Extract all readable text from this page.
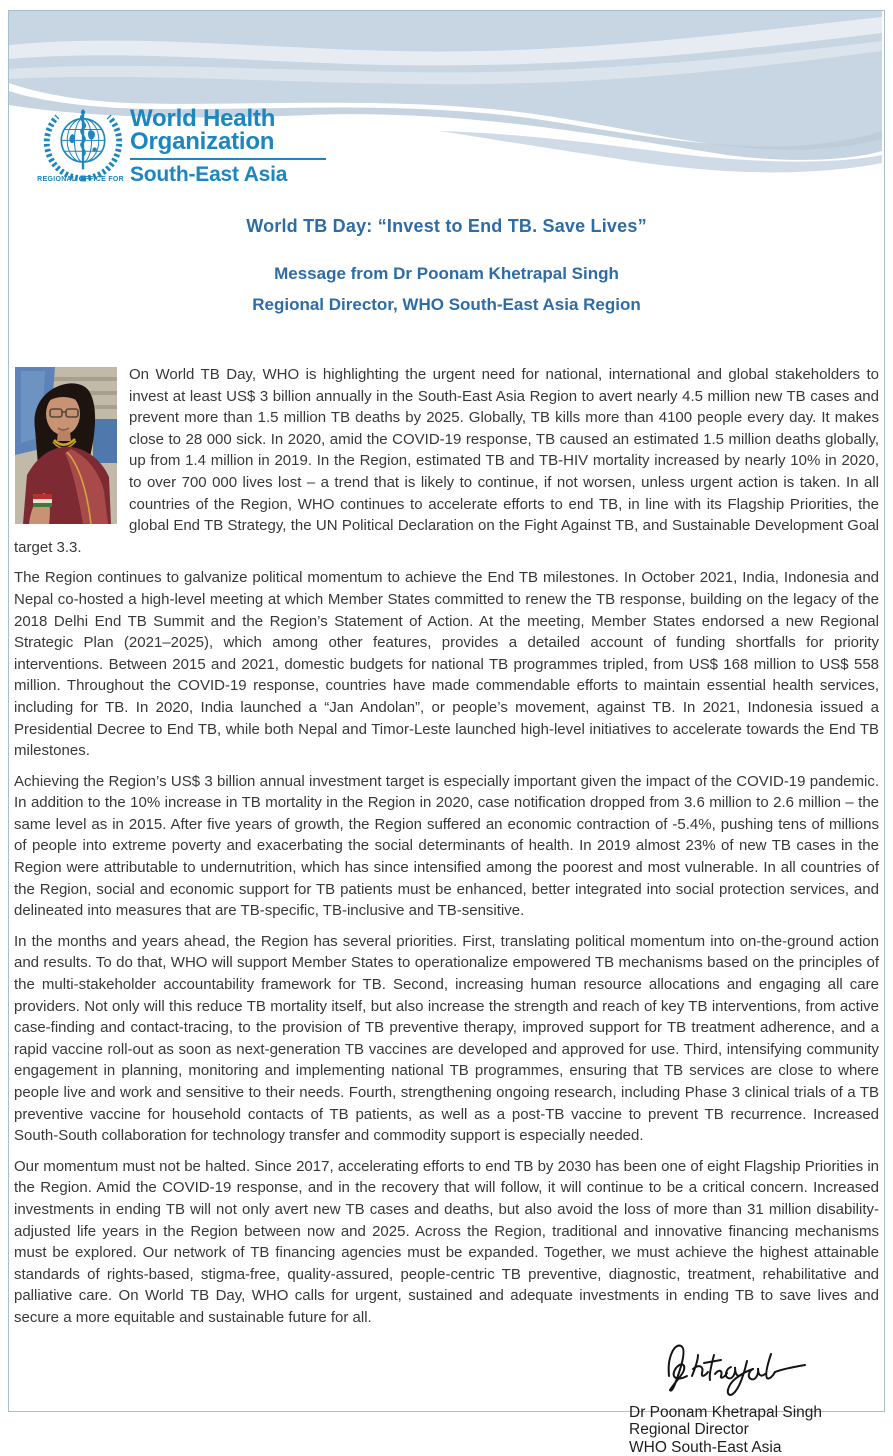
World Health
Organization
REGIONAL OFFICE FOR South-East Asia
World TB Day: “Invest to End TB. Save Lives”
Message from Dr Poonam Khetrapal Singh
Regional Director, WHO South-East Asia Region

On World TB Day, WHO is highlighting the urgent need for national, international and global stakeholders to invest at least US$ 3 billion annually in the South-East Asia Region to avert nearly 4.5 million new TB cases and prevent more than 1.5 million TB deaths by 2025. Globally, TB kills more than 4100 people every day. It makes close to 28 000 sick. In 2020, amid the COVID-19 response, TB caused an estimated 1.5 million deaths globally, up from 1.4 million in 2019. In the Region, estimated TB and TB-HIV mortality increased by nearly 10% in 2020, to over 700 000 lives lost – a trend that is likely to continue, if not worsen, unless urgent action is taken. In all countries of the Region, WHO continues to accelerate efforts to end TB, in line with its Flagship Priorities, the global End TB Strategy, the UN Political Declaration on the Fight Against TB, and Sustainable Development Goal target 3.3.

The Region continues to galvanize political momentum to achieve the End TB milestones. In October 2021, India, Indonesia and Nepal co-hosted a high-level meeting at which Member States committed to renew the TB response, building on the legacy of the 2018 Delhi End TB Summit and the Region’s Statement of Action. At the meeting, Member States endorsed a new Regional Strategic Plan (2021–2025), which among other features, provides a detailed account of funding shortfalls for priority interventions. Between 2015 and 2021, domestic budgets for national TB programmes tripled, from US$ 168 million to US$ 558 million. Throughout the COVID-19 response, countries have made commendable efforts to maintain essential health services, including for TB. In 2020, India launched a “Jan Andolan”, or people’s movement, against TB. In 2021, Indonesia issued a Presidential Decree to End TB, while both Nepal and Timor-Leste launched high-level initiatives to accelerate towards the End TB milestones.

Achieving the Region’s US$ 3 billion annual investment target is especially important given the impact of the COVID-19 pandemic. In addition to the 10% increase in TB mortality in the Region in 2020, case notification dropped from 3.6 million to 2.6 million – the same level as in 2015. After five years of growth, the Region suffered an economic contraction of -5.4%, pushing tens of millions of people into extreme poverty and exacerbating the social determinants of health. In 2019 almost 23% of new TB cases in the Region were attributable to undernutrition, which has since intensified among the poorest and most vulnerable. In all countries of the Region, social and economic support for TB patients must be enhanced, better integrated into social protection services, and delineated into measures that are TB-specific, TB-inclusive and TB-sensitive.

In the months and years ahead, the Region has several priorities. First, translating political momentum into on-the-ground action and results. To do that, WHO will support Member States to operationalize empowered TB mechanisms based on the principles of the multi-stakeholder accountability framework for TB. Second, increasing human resource allocations and engaging all care providers. Not only will this reduce TB mortality itself, but also increase the strength and reach of key TB interventions, from active case-finding and contact-tracing, to the provision of TB preventive therapy, improved support for TB treatment adherence, and a rapid vaccine roll-out as soon as next-generation TB vaccines are developed and approved for use. Third, intensifying community engagement in planning, monitoring and implementing national TB programmes, ensuring that TB services are close to where people live and work and sensitive to their needs. Fourth, strengthening ongoing research, including Phase 3 clinical trials of a TB preventive vaccine for household contacts of TB patients, as well as a post-TB vaccine to prevent TB recurrence. Increased South-South collaboration for technology transfer and commodity support is especially needed.

Our momentum must not be halted. Since 2017, accelerating efforts to end TB by 2030 has been one of eight Flagship Priorities in the Region. Amid the COVID-19 response, and in the recovery that will follow, it will continue to be a critical concern. Increased investments in ending TB will not only avert new TB cases and deaths, but also avoid the loss of more than 31 million disability-adjusted life years in the Region between now and 2025. Across the Region, traditional and innovative financing mechanisms must be explored. Our network of TB financing agencies must be expanded. Together, we must achieve the highest attainable standards of rights-based, stigma-free, quality-assured, people-centric TB preventive, diagnostic, treatment, rehabilitative and palliative care. On World TB Day, WHO calls for urgent, sustained and adequate investments in ending TB to save lives and secure a more equitable and sustainable future for all.

Dr Poonam Khetrapal Singh
Regional Director
WHO South-East Asia
